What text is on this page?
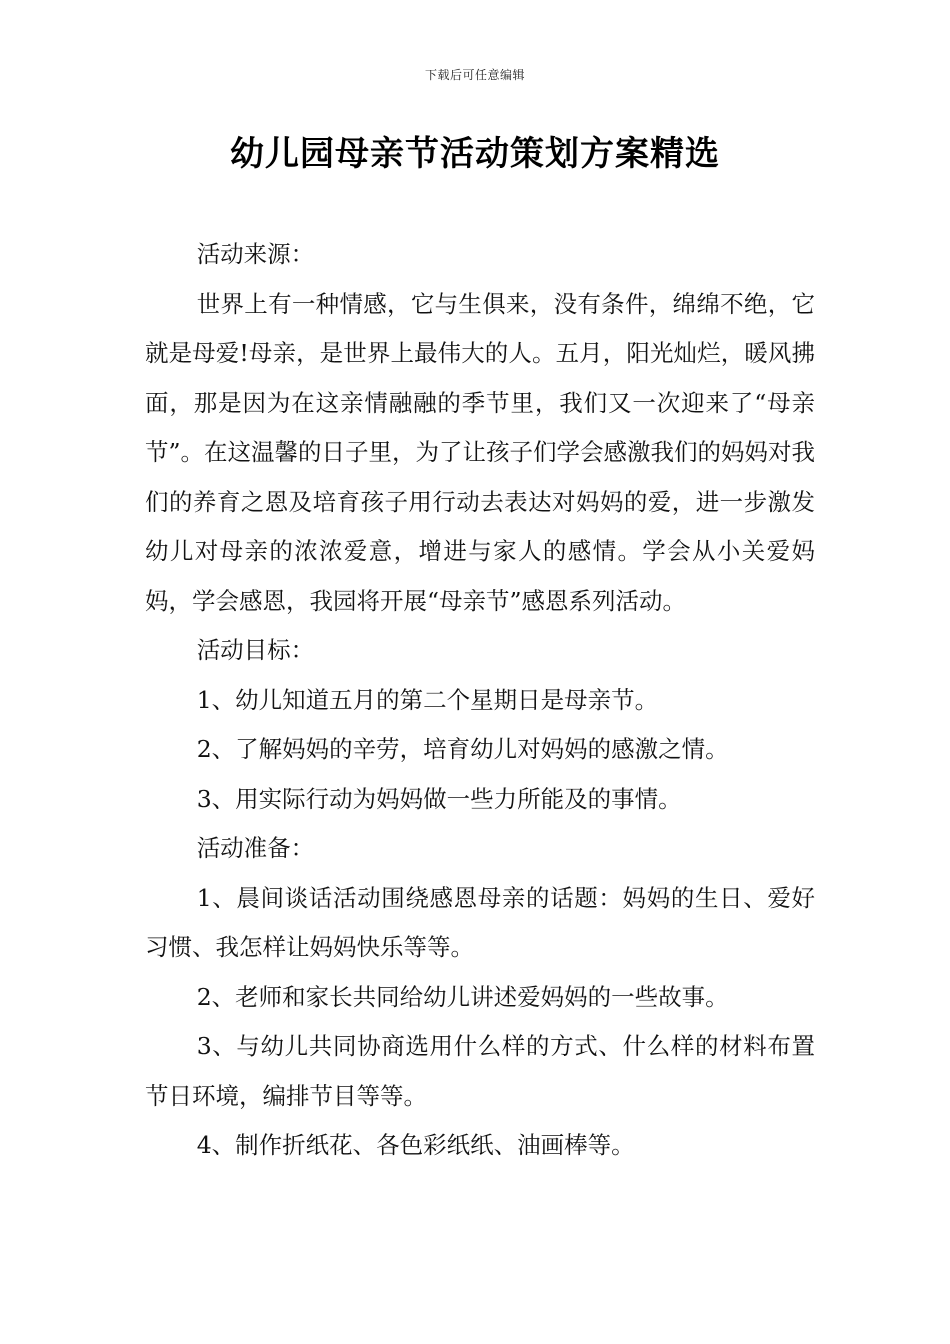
下载后可任意编辑
幼儿园母亲节活动策划方案精选

活动来源：

世界上有一种情感，它与生俱来，没有条件，绵绵不绝，它就是母爱!母亲，是世界上最伟大的人。五月，阳光灿烂，暖风拂面，那是因为在这亲情融融的季节里，我们又一次迎来了“母亲节”。在这温馨的日子里，为了让孩子们学会感激我们的妈妈对我们的养育之恩及培育孩子用行动去表达对妈妈的爱，进一步激发幼儿对母亲的浓浓爱意，增进与家人的感情。学会从小关爱妈妈，学会感恩，我园将开展“母亲节”感恩系列活动。

活动目标：

1、幼儿知道五月的第二个星期日是母亲节。

2、了解妈妈的辛劳，培育幼儿对妈妈的感激之情。

3、用实际行动为妈妈做一些力所能及的事情。

活动准备：

1、晨间谈话活动围绕感恩母亲的话题：妈妈的生日、爱好习惯、我怎样让妈妈快乐等等。

2、老师和家长共同给幼儿讲述爱妈妈的一些故事。

3、与幼儿共同协商选用什么样的方式、什么样的材料布置节日环境，编排节目等等。

4、制作折纸花、各色彩纸纸、油画棒等。
